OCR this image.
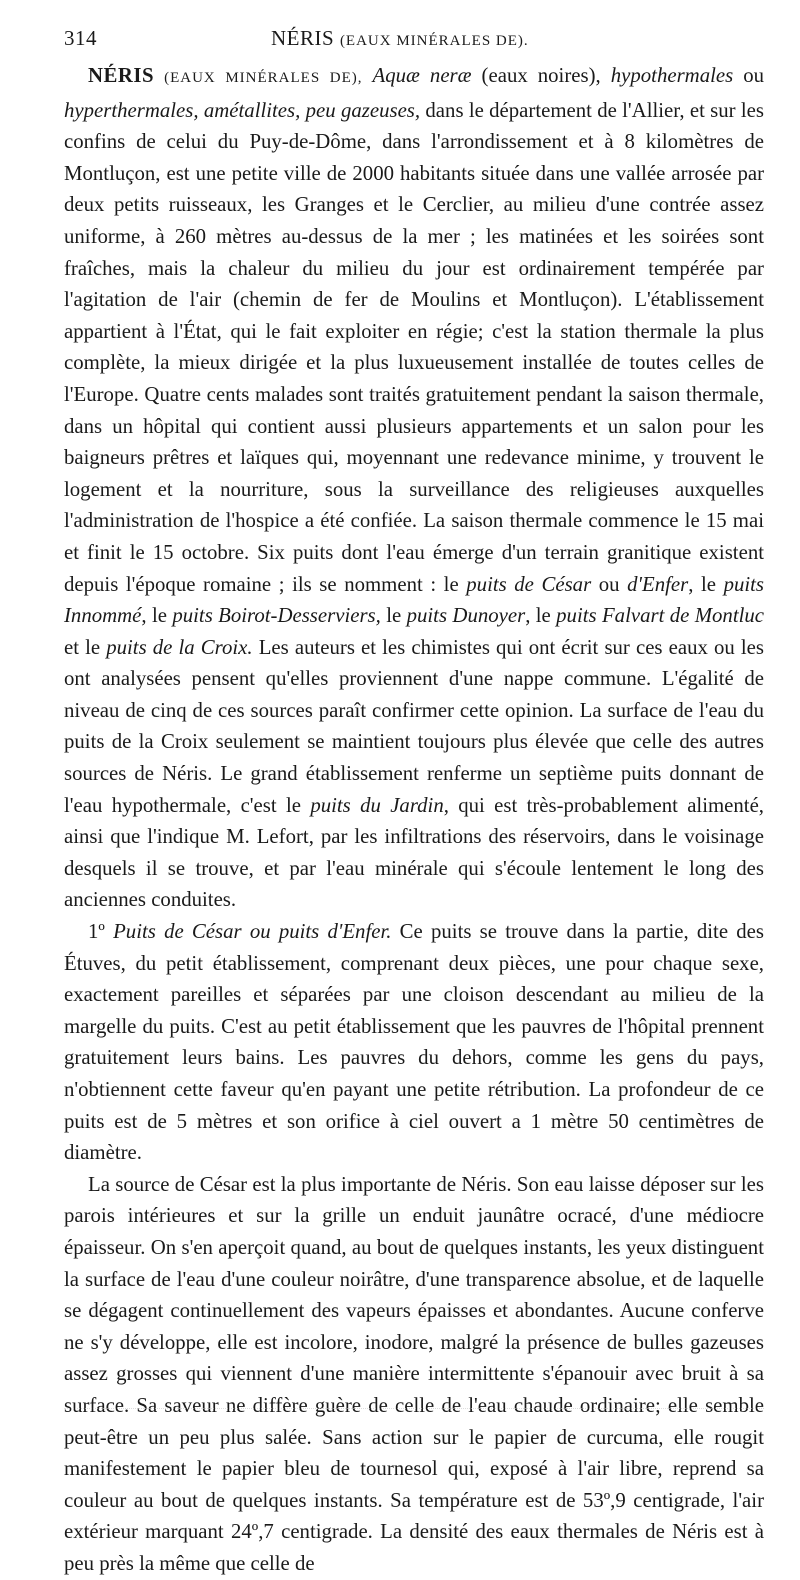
314	NÉRIS (EAUX MINÉRALES DE).

NÉRIS (EAUX MINÉRALES DE), Aquæ neræ (eaux noires), hypothermales ou hyperthermales, amétallites, peu gazeuses, dans le département de l'Allier, et sur les confins de celui du Puy-de-Dôme, dans l'arrondissement et à 8 kilomètres de Montluçon, est une petite ville de 2000 habitants située dans une vallée arrosée par deux petits ruisseaux, les Granges et le Cerclier, au milieu d'une contrée assez uniforme, à 260 mètres au-dessus de la mer ; les matinées et les soirées sont fraîches, mais la chaleur du milieu du jour est ordinairement tempérée par l'agitation de l'air (chemin de fer de Moulins et Montluçon). L'établissement appartient à l'État, qui le fait exploiter en régie; c'est la station thermale la plus complète, la mieux dirigée et la plus luxueusement installée de toutes celles de l'Europe. Quatre cents malades sont traités gratuitement pendant la saison thermale, dans un hôpital qui contient aussi plusieurs appartements et un salon pour les baigneurs prêtres et laïques qui, moyennant une redevance minime, y trouvent le logement et la nourriture, sous la surveillance des religieuses auxquelles l'administration de l'hospice a été confiée. La saison thermale commence le 15 mai et finit le 15 octobre. Six puits dont l'eau émerge d'un terrain granitique existent depuis l'époque romaine ; ils se nomment : le puits de César ou d'Enfer, le puits Innommé, le puits Boirot-Desserviers, le puits Dunoyer, le puits Falvart de Montluc et le puits de la Croix. Les auteurs et les chimistes qui ont écrit sur ces eaux ou les ont analysées pensent qu'elles proviennent d'une nappe commune. L'égalité de niveau de cinq de ces sources paraît confirmer cette opinion. La surface de l'eau du puits de la Croix seulement se maintient toujours plus élevée que celle des autres sources de Néris. Le grand établissement renferme un septième puits donnant de l'eau hypothermale, c'est le puits du Jardin, qui est très-probablement alimenté, ainsi que l'indique M. Lefort, par les infiltrations des réservoirs, dans le voisinage desquels il se trouve, et par l'eau minérale qui s'écoule lentement le long des anciennes conduites.

1º Puits de César ou puits d'Enfer. Ce puits se trouve dans la partie, dite des Étuves, du petit établissement, comprenant deux pièces, une pour chaque sexe, exactement pareilles et séparées par une cloison descendant au milieu de la margelle du puits. C'est au petit établissement que les pauvres de l'hôpital prennent gratuitement leurs bains. Les pauvres du dehors, comme les gens du pays, n'obtiennent cette faveur qu'en payant une petite rétribution. La profondeur de ce puits est de 5 mètres et son orifice à ciel ouvert a 1 mètre 50 centimètres de diamètre.

La source de César est la plus importante de Néris. Son eau laisse déposer sur les parois intérieures et sur la grille un enduit jaunâtre ocracé, d'une médiocre épaisseur. On s'en aperçoit quand, au bout de quelques instants, les yeux distinguent la surface de l'eau d'une couleur noirâtre, d'une transparence absolue, et de laquelle se dégagent continuellement des vapeurs épaisses et abondantes. Aucune conferve ne s'y développe, elle est incolore, inodore, malgré la présence de bulles gazeuses assez grosses qui viennent d'une manière intermittente s'épanouir avec bruit à sa surface. Sa saveur ne diffère guère de celle de l'eau chaude ordinaire; elle semble peut-être un peu plus salée. Sans action sur le papier de curcuma, elle rougit manifestement le papier bleu de tournesol qui, exposé à l'air libre, reprend sa couleur au bout de quelques instants. Sa température est de 53º,9 centigrade, l'air extérieur marquant 24º,7 centigrade. La densité des eaux thermales de Néris est à peu près la même que celle de
